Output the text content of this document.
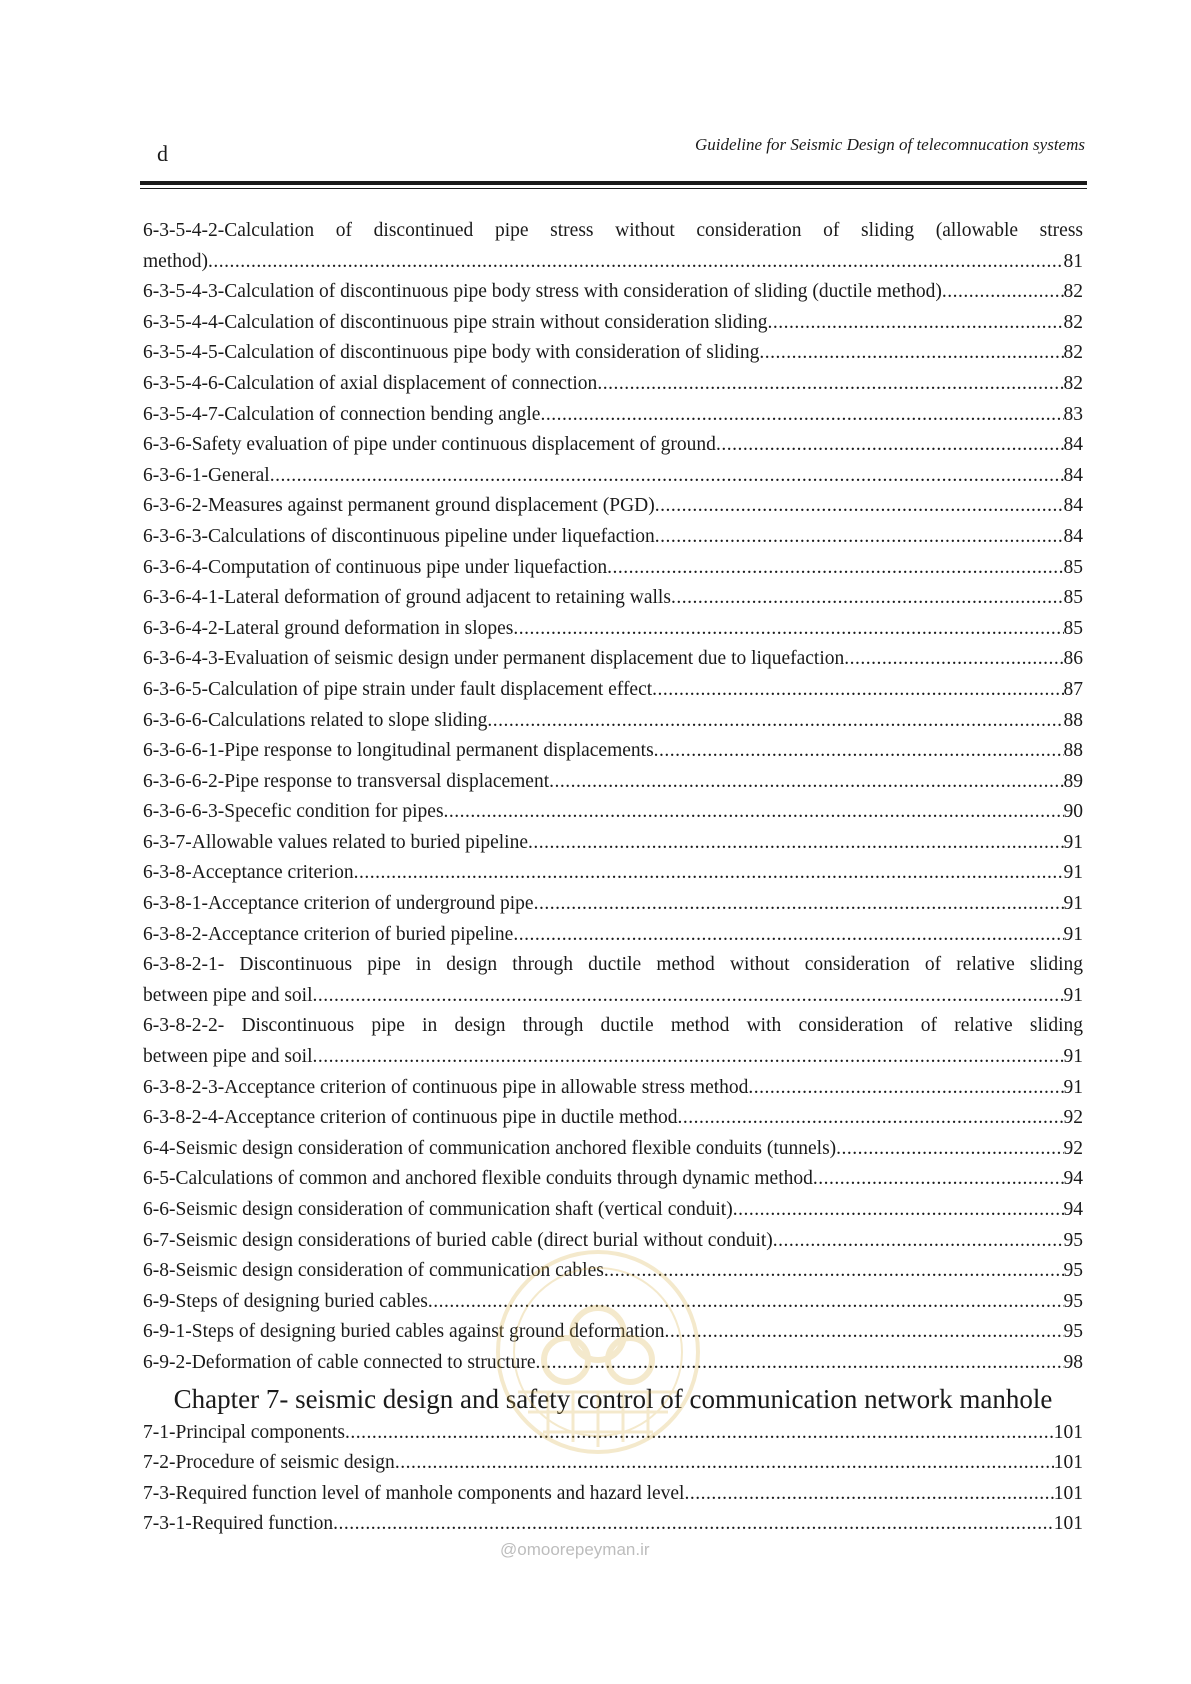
d	Guideline for Seismic Design of telecomnucation systems
6-3-5-4-2-Calculation of discontinued pipe stress without consideration of sliding (allowable stress
method) .....	81
6-3-5-4-3-Calculation of discontinuous pipe body stress with consideration of sliding (ductile method) .....	82
6-3-5-4-4-Calculation of discontinuous pipe strain without consideration sliding .....	82
6-3-5-4-5-Calculation of discontinuous pipe body with consideration of sliding .....	82
6-3-5-4-6-Calculation of axial displacement of connection .....	82
6-3-5-4-7-Calculation of connection bending angle .....	83
6-3-6-Safety evaluation of pipe under continuous displacement of ground .....	84
6-3-6-1-General .....	84
6-3-6-2-Measures against permanent ground displacement (PGD) .....	84
6-3-6-3-Calculations of discontinuous pipeline under liquefaction .....	84
6-3-6-4-Computation of continuous pipe under liquefaction .....	85
6-3-6-4-1-Lateral deformation of ground adjacent to retaining walls .....	85
6-3-6-4-2-Lateral ground deformation in slopes .....	85
6-3-6-4-3-Evaluation of seismic design under permanent displacement due to liquefaction .....	86
6-3-6-5-Calculation of pipe strain under fault displacement effect .....	87
6-3-6-6-Calculations related to slope sliding .....	88
6-3-6-6-1-Pipe response to longitudinal permanent displacements .....	88
6-3-6-6-2-Pipe response to transversal displacement .....	89
6-3-6-6-3-Specefic condition for pipes .....	90
6-3-7-Allowable values related to buried pipeline .....	91
6-3-8-Acceptance criterion .....	91
6-3-8-1-Acceptance criterion of underground pipe .....	91
6-3-8-2-Acceptance criterion of buried pipeline .....	91
6-3-8-2-1- Discontinuous pipe in design through ductile method without consideration of relative sliding
between pipe and soil .....	91
6-3-8-2-2- Discontinuous pipe in design through ductile method with consideration of relative sliding
between pipe and soil .....	91
6-3-8-2-3-Acceptance criterion of continuous pipe in allowable stress method .....	91
6-3-8-2-4-Acceptance criterion of continuous pipe in ductile method .....	92
6-4-Seismic design consideration of communication anchored flexible conduits (tunnels) .....	92
6-5-Calculations of common and anchored flexible conduits through dynamic method .....	94
6-6-Seismic design consideration of communication shaft (vertical conduit) .....	94
6-7-Seismic design considerations of buried cable (direct burial without conduit) .....	95
6-8-Seismic design consideration of communication cables .....	95
6-9-Steps of designing buried cables .....	95
6-9-1-Steps of designing buried cables against ground deformation .....	95
6-9-2-Deformation of cable connected to structure .....	98
Chapter 7- seismic design and safety control of communication network manhole
7-1-Principal components .....	101
7-2-Procedure of seismic design .....	101
7-3-Required function level of manhole components and hazard level .....	101
7-3-1-Required function .....	101
@omoorepeyman.ir
